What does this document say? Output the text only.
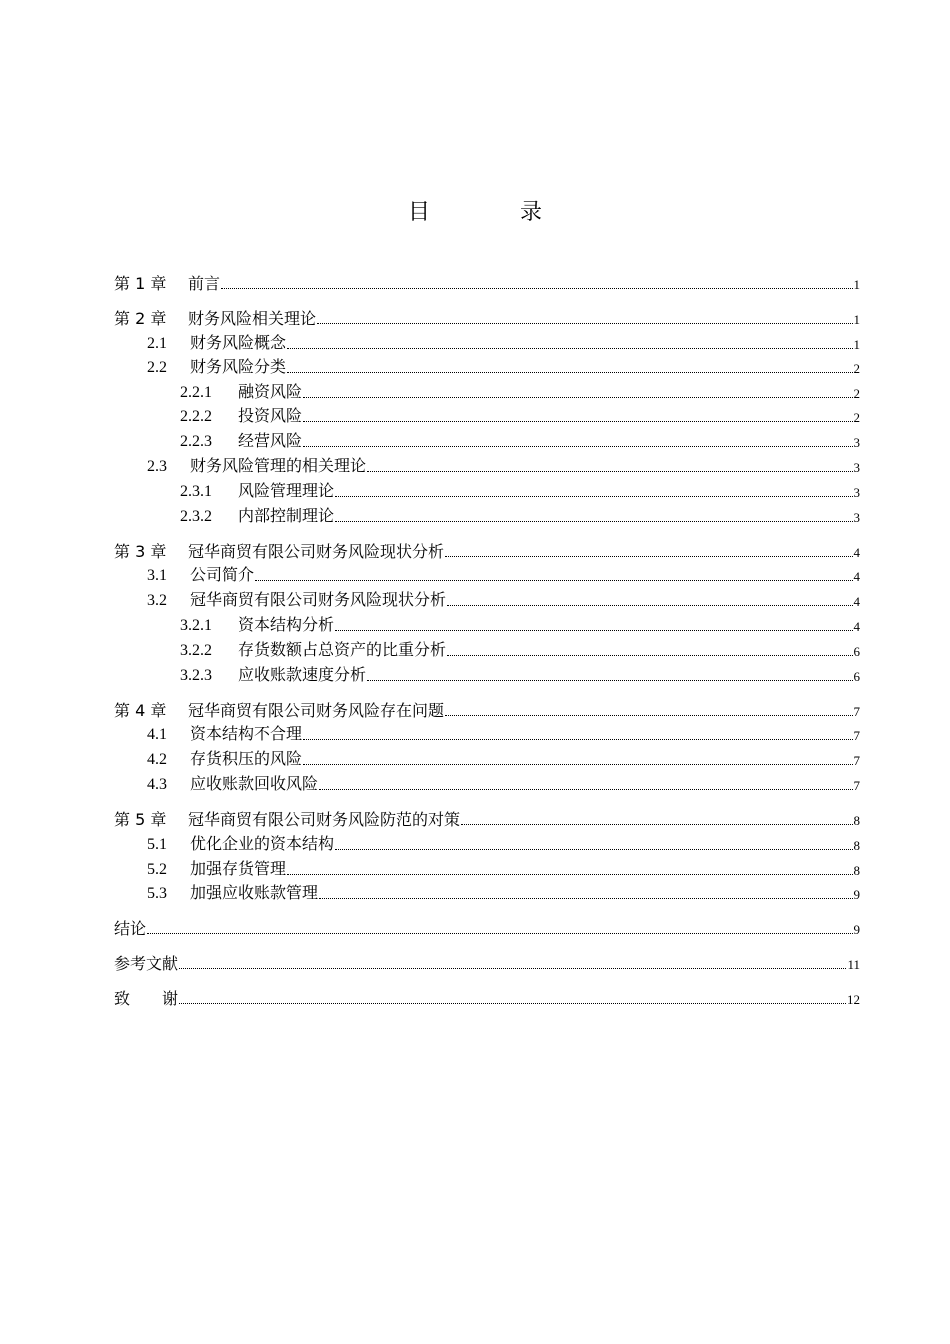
目　录
第 1 章	前言	1
第 2 章	财务风险相关理论	1
2.1	财务风险概念	1
2.2	财务风险分类	2
2.2.1	融资风险	2
2.2.2	投资风险	2
2.2.3	经营风险	3
2.3	财务风险管理的相关理论	3
2.3.1	风险管理理论	3
2.3.2	内部控制理论	3
第 3 章	冠华商贸有限公司财务风险现状分析	4
3.1	公司简介	4
3.2	冠华商贸有限公司财务风险现状分析	4
3.2.1	资本结构分析	4
3.2.2	存货数额占总资产的比重分析	6
3.2.3	应收账款速度分析	6
第 4 章	冠华商贸有限公司财务风险存在问题	7
4.1	资本结构不合理	7
4.2	存货积压的风险	7
4.3	应收账款回收风险	7
第 5 章	冠华商贸有限公司财务风险防范的对策	8
5.1	优化企业的资本结构	8
5.2	加强存货管理	8
5.3	加强应收账款管理	9
结论	9
参考文献	11
致　　谢	12
